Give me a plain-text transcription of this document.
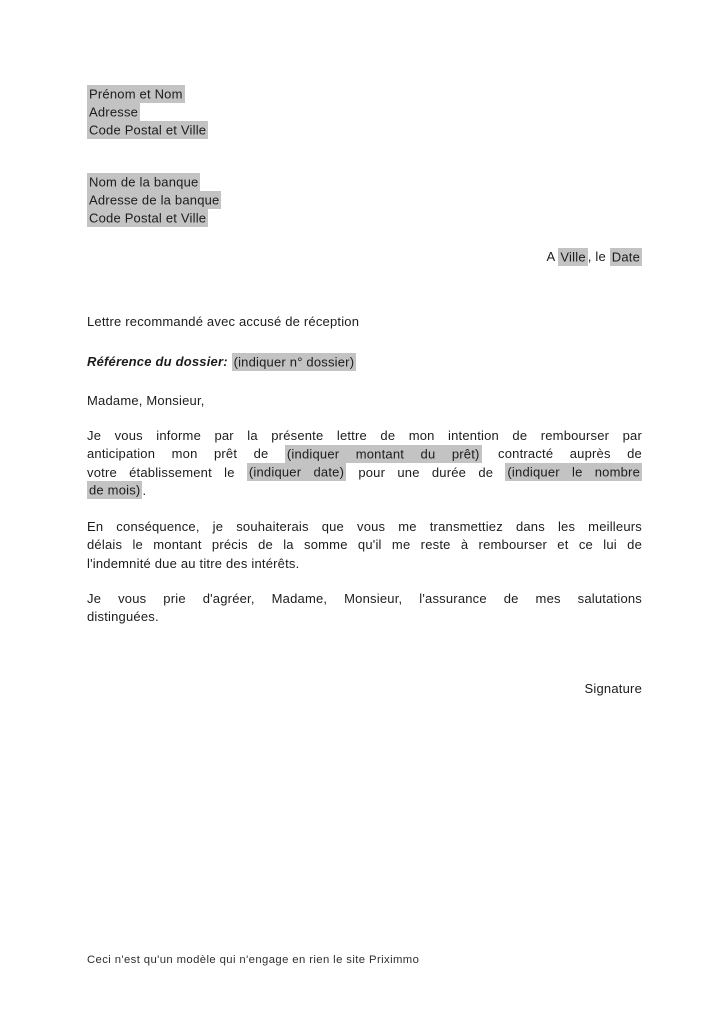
Prénom et Nom
Adresse
Code Postal et Ville
Nom de la banque
Adresse de la banque
Code Postal et Ville
A Ville , le Date
Lettre recommandé avec accusé de réception
Référence du dossier: (indiquer n° dossier)
Madame, Monsieur,
Je vous informe par la présente lettre de mon intention de rembourser par
anticipation mon prêt de (indiquer montant du prêt) contracté auprès de
votre établissement le (indiquer date) pour une durée de (indiquer le nombre
de mois) .
En conséquence, je souhaiterais que vous me transmettiez dans les meilleurs
délais le montant précis de la somme qu'il me reste à rembourser et ce lui de
l'indemnité due au titre des intérêts.
Je vous prie d'agréer, Madame, Monsieur, l'assurance de mes salutations
distinguées.
Signature
Ceci n'est qu'un modèle qui n'engage en rien le site Priximmo
